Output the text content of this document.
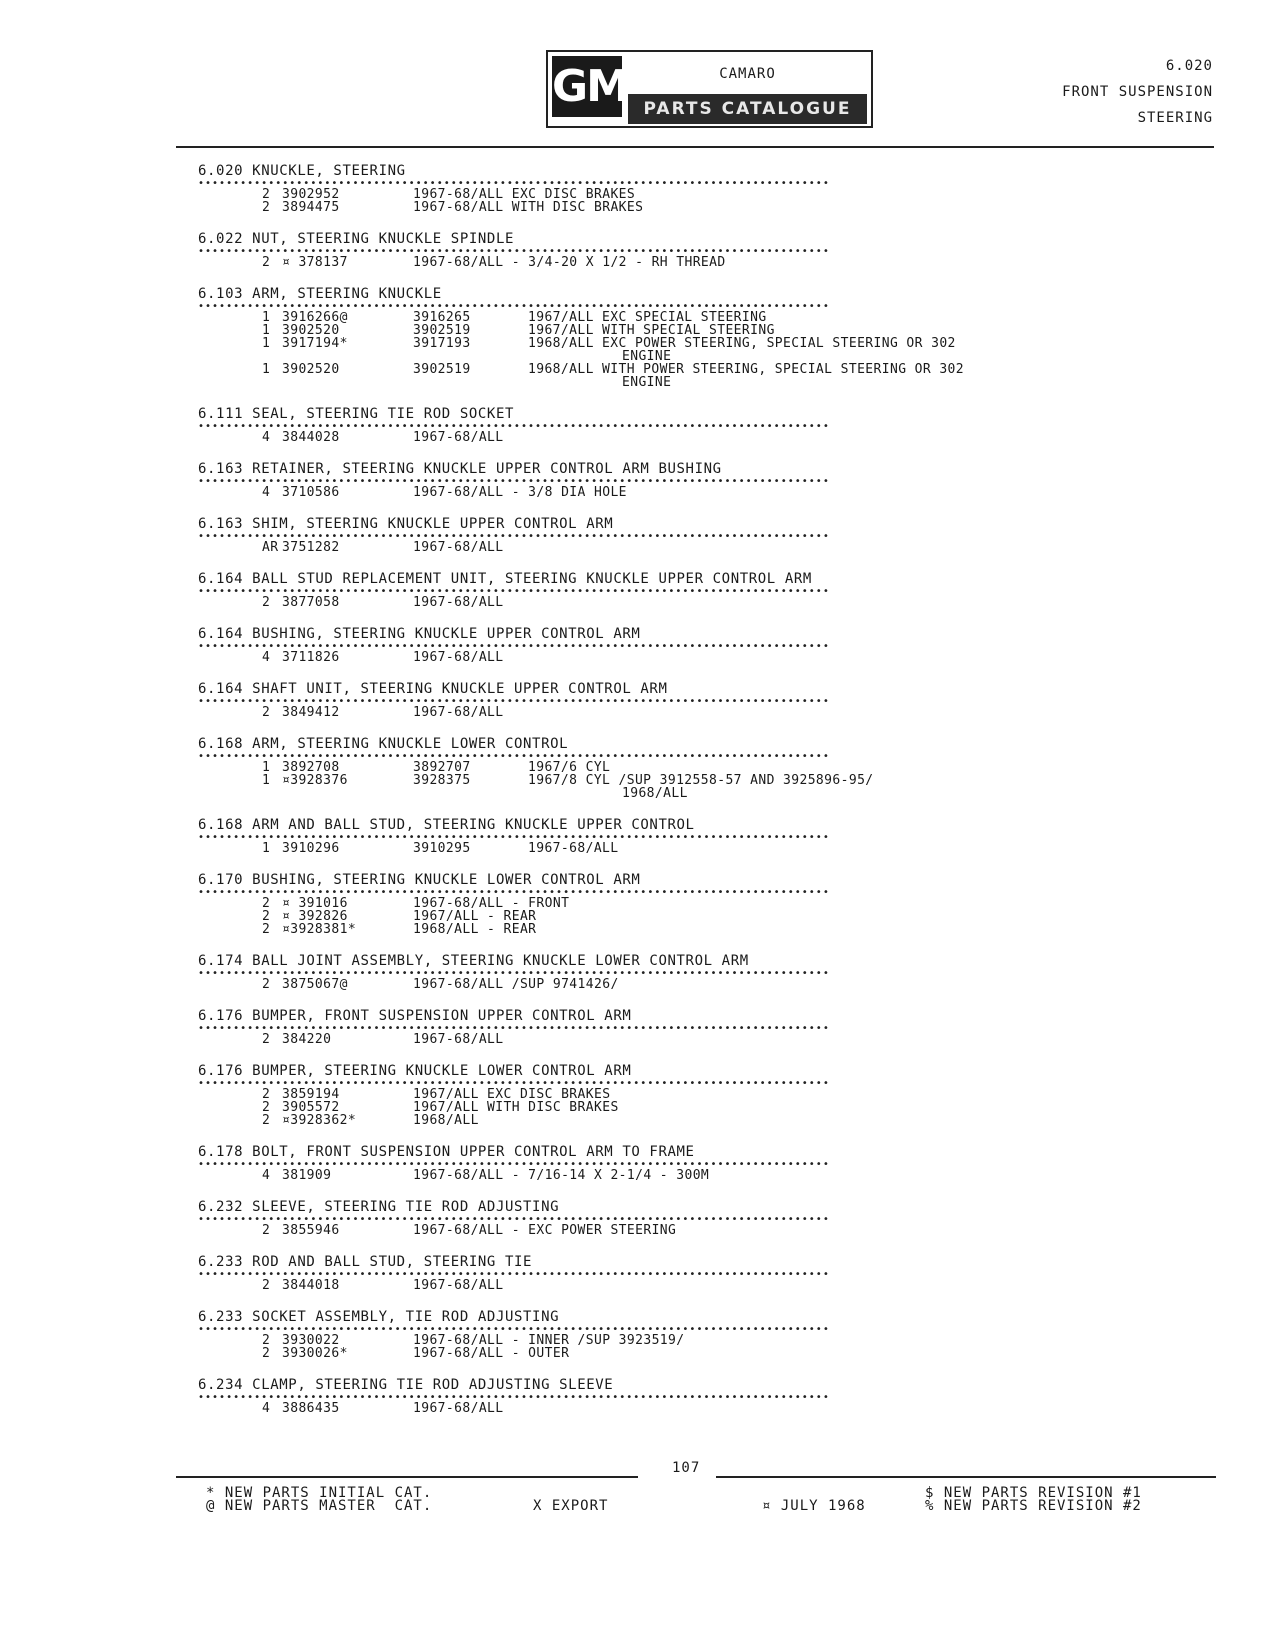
GM	CAMARO
PARTS CATALOGUE
6.020
FRONT SUSPENSION
STEERING
6.020 KNUCKLE, STEERING
••••••••••••••••••••••••••••••••••••••••••••••••••••••••••••••••••••••••••••••••••••••••••
2 3902952	1967-68/ALL EXC DISC BRAKES
2 3894475	1967-68/ALL WITH DISC BRAKES
6.022 NUT, STEERING KNUCKLE SPINDLE
••••••••••••••••••••••••••••••••••••••••••••••••••••••••••••••••••••••••••••••••••••••••••
2 ¤ 378137	1967-68/ALL - 3/4-20 X 1/2 - RH THREAD
6.103 ARM, STEERING KNUCKLE
••••••••••••••••••••••••••••••••••••••••••••••••••••••••••••••••••••••••••••••••••••••••••
1 3916266@	3916265	1967/ALL EXC SPECIAL STEERING
1 3902520	3902519	1967/ALL WITH SPECIAL STEERING
1 3917194*	3917193	1968/ALL EXC POWER STEERING, SPECIAL STEERING OR 302
ENGINE
1 3902520	3902519	1968/ALL WITH POWER STEERING, SPECIAL STEERING OR 302
ENGINE
6.111 SEAL, STEERING TIE ROD SOCKET
••••••••••••••••••••••••••••••••••••••••••••••••••••••••••••••••••••••••••••••••••••••••••
4 3844028	1967-68/ALL
6.163 RETAINER, STEERING KNUCKLE UPPER CONTROL ARM BUSHING
••••••••••••••••••••••••••••••••••••••••••••••••••••••••••••••••••••••••••••••••••••••••••
4 3710586	1967-68/ALL - 3/8 DIA HOLE
6.163 SHIM, STEERING KNUCKLE UPPER CONTROL ARM
••••••••••••••••••••••••••••••••••••••••••••••••••••••••••••••••••••••••••••••••••••••••••
AR 3751282	1967-68/ALL
6.164 BALL STUD REPLACEMENT UNIT, STEERING KNUCKLE UPPER CONTROL ARM
••••••••••••••••••••••••••••••••••••••••••••••••••••••••••••••••••••••••••••••••••••••••••
2 3877058	1967-68/ALL
6.164 BUSHING, STEERING KNUCKLE UPPER CONTROL ARM
••••••••••••••••••••••••••••••••••••••••••••••••••••••••••••••••••••••••••••••••••••••••••
4 3711826	1967-68/ALL
6.164 SHAFT UNIT, STEERING KNUCKLE UPPER CONTROL ARM
••••••••••••••••••••••••••••••••••••••••••••••••••••••••••••••••••••••••••••••••••••••••••
2 3849412	1967-68/ALL
6.168 ARM, STEERING KNUCKLE LOWER CONTROL
••••••••••••••••••••••••••••••••••••••••••••••••••••••••••••••••••••••••••••••••••••••••••
1 3892708	3892707	1967/6 CYL
1 ¤3928376	3928375	1967/8 CYL /SUP 3912558-57 AND 3925896-95/
1968/ALL
6.168 ARM AND BALL STUD, STEERING KNUCKLE UPPER CONTROL
••••••••••••••••••••••••••••••••••••••••••••••••••••••••••••••••••••••••••••••••••••••••••
1 3910296	3910295	1967-68/ALL
6.170 BUSHING, STEERING KNUCKLE LOWER CONTROL ARM
••••••••••••••••••••••••••••••••••••••••••••••••••••••••••••••••••••••••••••••••••••••••••
2 ¤ 391016	1967-68/ALL - FRONT
2 ¤ 392826	1967/ALL - REAR
2 ¤3928381*	1968/ALL - REAR
6.174 BALL JOINT ASSEMBLY, STEERING KNUCKLE LOWER CONTROL ARM
••••••••••••••••••••••••••••••••••••••••••••••••••••••••••••••••••••••••••••••••••••••••••
2 3875067@	1967-68/ALL /SUP 9741426/
6.176 BUMPER, FRONT SUSPENSION UPPER CONTROL ARM
••••••••••••••••••••••••••••••••••••••••••••••••••••••••••••••••••••••••••••••••••••••••••
2 384220	1967-68/ALL
6.176 BUMPER, STEERING KNUCKLE LOWER CONTROL ARM
••••••••••••••••••••••••••••••••••••••••••••••••••••••••••••••••••••••••••••••••••••••••••
2 3859194	1967/ALL EXC DISC BRAKES
2 3905572	1967/ALL WITH DISC BRAKES
2 ¤3928362*	1968/ALL
6.178 BOLT, FRONT SUSPENSION UPPER CONTROL ARM TO FRAME
••••••••••••••••••••••••••••••••••••••••••••••••••••••••••••••••••••••••••••••••••••••••••
4 381909	1967-68/ALL - 7/16-14 X 2-1/4 - 300M
6.232 SLEEVE, STEERING TIE ROD ADJUSTING
••••••••••••••••••••••••••••••••••••••••••••••••••••••••••••••••••••••••••••••••••••••••••
2 3855946	1967-68/ALL - EXC POWER STEERING
6.233 ROD AND BALL STUD, STEERING TIE
••••••••••••••••••••••••••••••••••••••••••••••••••••••••••••••••••••••••••••••••••••••••••
2 3844018	1967-68/ALL
6.233 SOCKET ASSEMBLY, TIE ROD ADJUSTING
••••••••••••••••••••••••••••••••••••••••••••••••••••••••••••••••••••••••••••••••••••••••••
2 3930022	1967-68/ALL - INNER /SUP 3923519/
2 3930026*	1967-68/ALL - OUTER
6.234 CLAMP, STEERING TIE ROD ADJUSTING SLEEVE
••••••••••••••••••••••••••••••••••••••••••••••••••••••••••••••••••••••••••••••••••••••••••
4 3886435	1967-68/ALL
107
* NEW PARTS INITIAL CAT.
@ NEW PARTS MASTER  CAT.	X EXPORT	¤ JULY 1968
$ NEW PARTS REVISION #1
% NEW PARTS REVISION #2
